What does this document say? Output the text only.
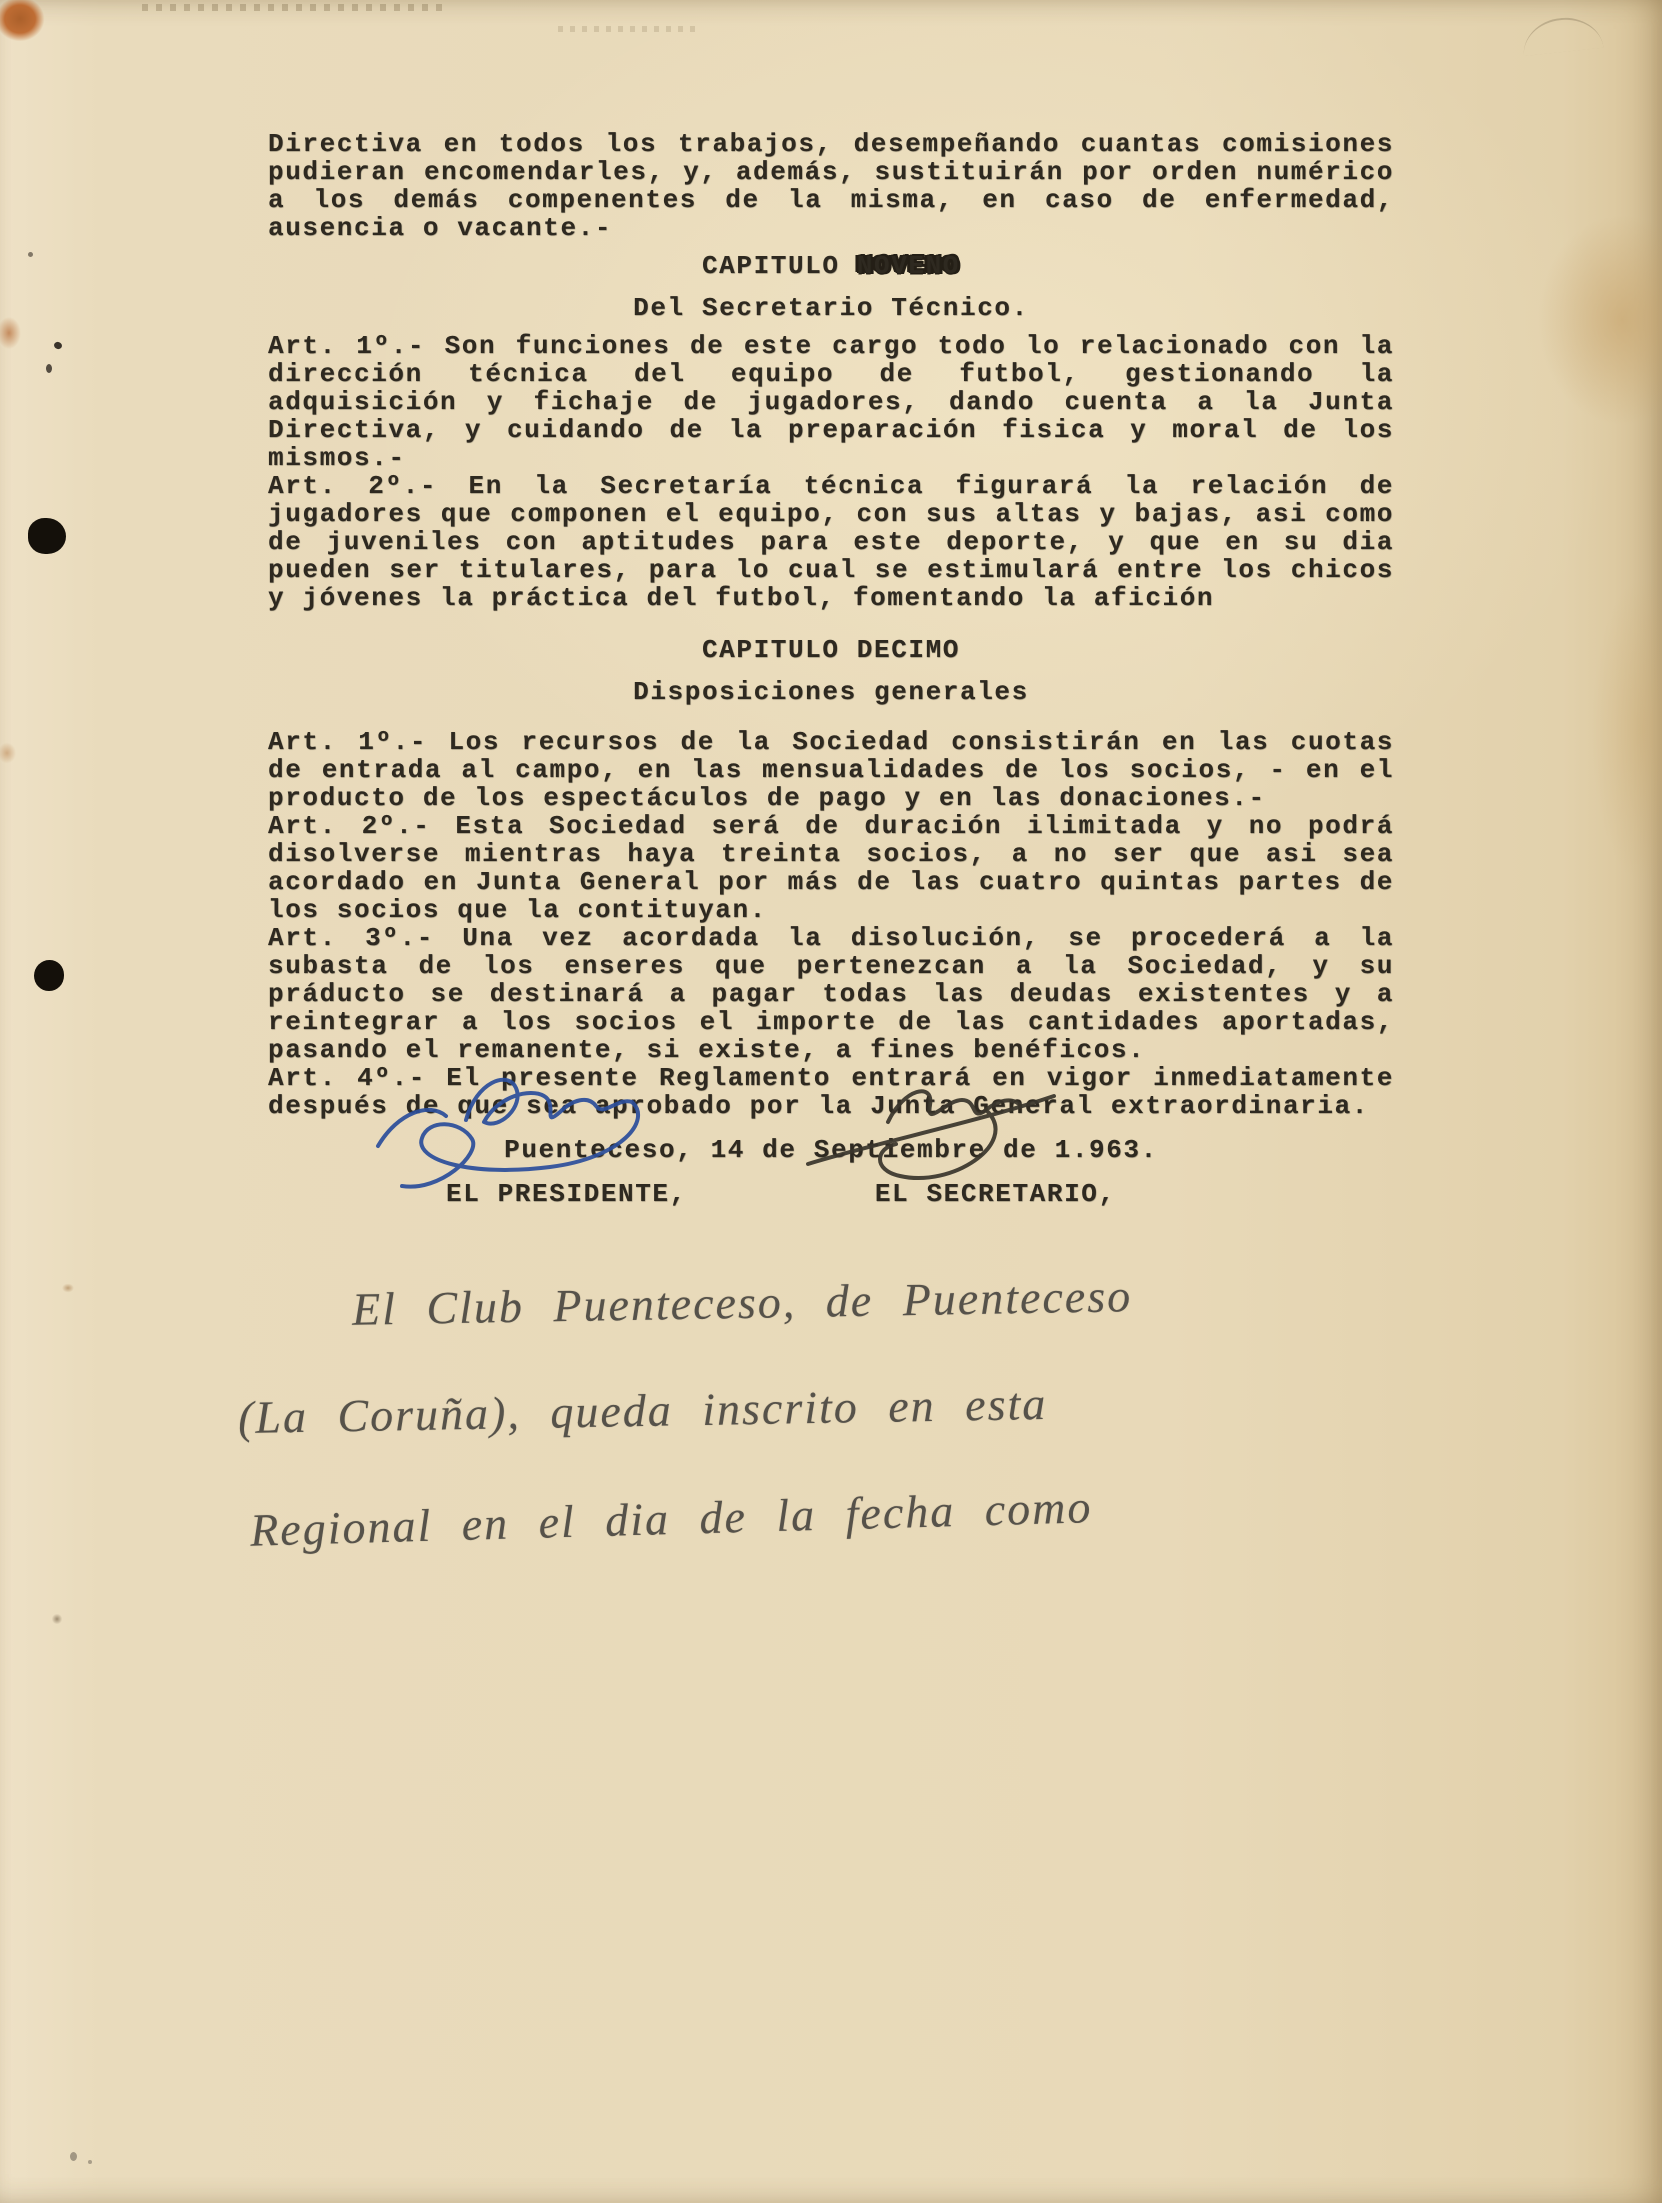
Directiva en todos los trabajos, desempeñando cuantas comisiones pudieran encomendarles, y, además, sustituirán por orden numérico a los demás compenentes de la misma, en caso de enfermedad, ausencia o vacante.-

CAPITULO NOVENO
Del Secretario Técnico.

Art. 1º.- Son funciones de este cargo todo lo relacionado con la dirección técnica del equipo de futbol, gestionando la adquisición y fichaje de jugadores, dando cuenta a la Junta Directiva, y cuidando de la preparación fisica y moral de los mismos.-

Art. 2º.- En la Secretaría técnica figurará la relación de jugadores que componen el equipo, con sus altas y bajas, asi como de juveniles con aptitudes para este deporte, y que en su dia pueden ser titulares, para lo cual se estimulará entre los chicos y jóvenes la práctica del futbol, fomentando la afición

CAPITULO DECIMO
Disposiciones generales

Art. 1º.- Los recursos de la Sociedad consistirán en las cuotas de entrada al campo, en las mensualidades de los socios, - en el producto de los espectáculos de pago y en las donaciones.-

Art. 2º.- Esta Sociedad será de duración ilimitada y no podrá disolverse mientras haya treinta socios, a no ser que asi sea acordado en Junta General por más de las cuatro quintas partes de los socios que la contituyan.

Art. 3º.- Una vez acordada la disolución, se procederá a la subasta de los enseres que pertenezcan a la Sociedad, y su práducto se destinará a pagar todas las deudas existentes y a reintegrar a los socios el importe de las cantidades aportadas, pasando el remanente, si existe, a fines benéficos.

Art. 4º.- El presente Reglamento entrará en vigor inmediatamente después de que sea aprobado por la Junta General extraordinaria.

Puenteceso, 14 de Septiembre de 1.963.
EL PRESIDENTE,	EL SECRETARIO,
El Club Puenteceso, de Puenteceso
(La Coruña), queda inscrito en esta
Regional en el dia de la fecha como
